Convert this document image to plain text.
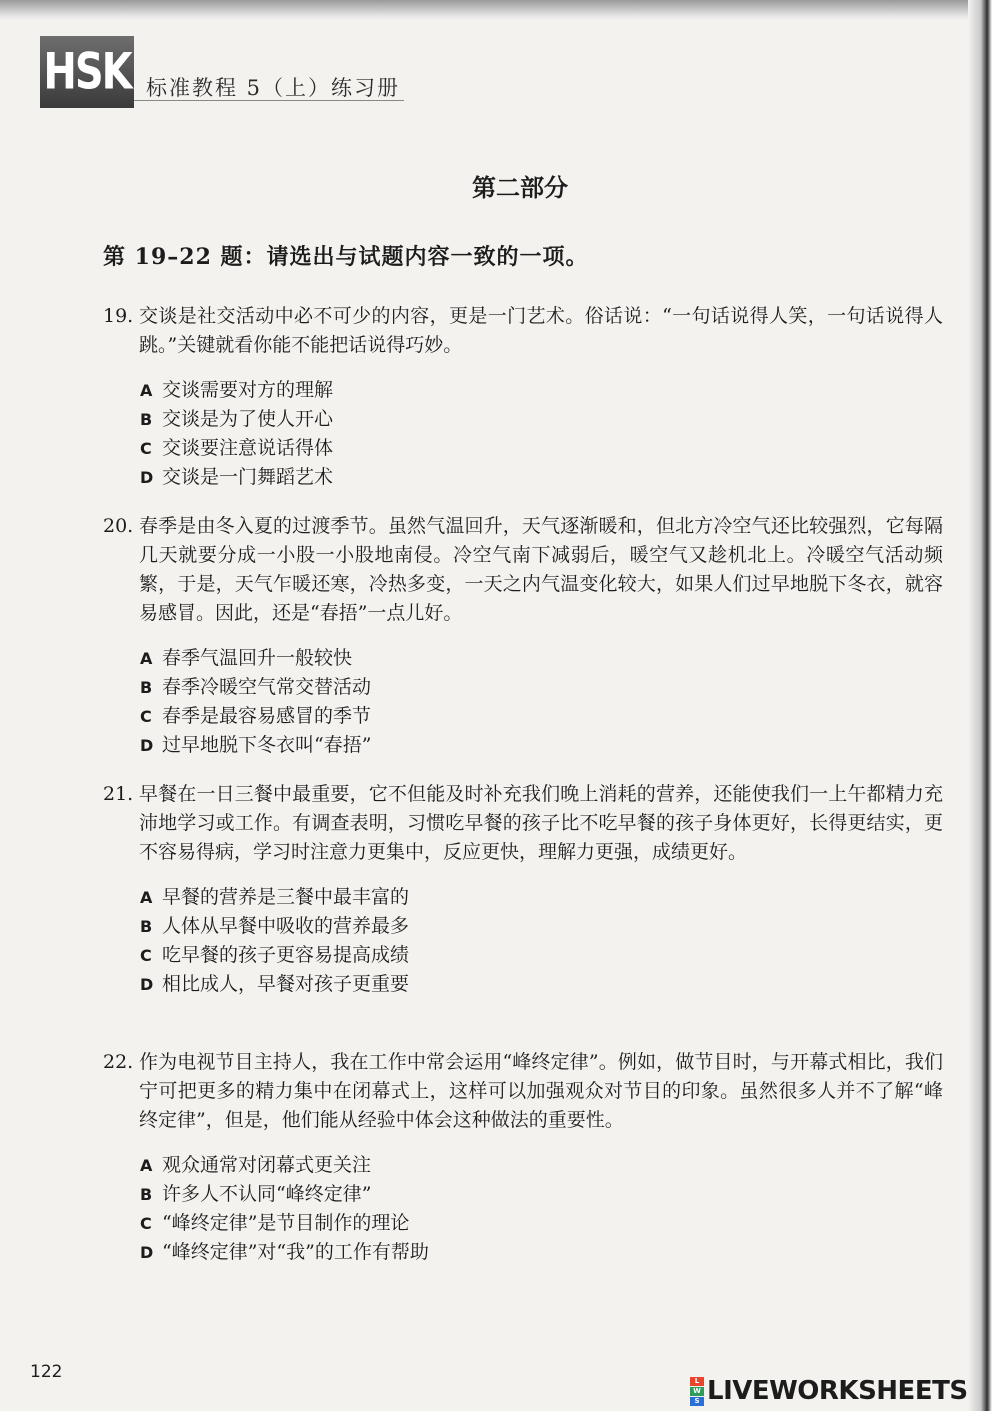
HSK 标准教程 5（上）练习册
第二部分
第 19–22 题：请选出与试题内容一致的一项。
19. 交谈是社交活动中必不可少的内容，更是一门艺术。俗话说：“一句话说得人笑，一句话说得人跳。”关键就看你能不能把话说得巧妙。
A 交谈需要对方的理解
B 交谈是为了使人开心
C 交谈要注意说话得体
D 交谈是一门舞蹈艺术
20. 春季是由冬入夏的过渡季节。虽然气温回升，天气逐渐暖和，但北方冷空气还比较强烈，它每隔几天就要分成一小股一小股地南侵。冷空气南下减弱后，暖空气又趁机北上。冷暖空气活动频繁，于是，天气乍暖还寒，冷热多变，一天之内气温变化较大，如果人们过早地脱下冬衣，就容易感冒。因此，还是“春捂”一点儿好。
A 春季气温回升一般较快
B 春季冷暖空气常交替活动
C 春季是最容易感冒的季节
D 过早地脱下冬衣叫“春捂”
21. 早餐在一日三餐中最重要，它不但能及时补充我们晚上消耗的营养，还能使我们一上午都精力充沛地学习或工作。有调查表明，习惯吃早餐的孩子比不吃早餐的孩子身体更好，长得更结实，更不容易得病，学习时注意力更集中，反应更快，理解力更强，成绩更好。
A 早餐的营养是三餐中最丰富的
B 人体从早餐中吸收的营养最多
C 吃早餐的孩子更容易提高成绩
D 相比成人，早餐对孩子更重要
22. 作为电视节目主持人，我在工作中常会运用“峰终定律”。例如，做节目时，与开幕式相比，我们宁可把更多的精力集中在闭幕式上，这样可以加强观众对节目的印象。虽然很多人并不了解“峰终定律”，但是，他们能从经验中体会这种做法的重要性。
A 观众通常对闭幕式更关注
B 许多人不认同“峰终定律”
C “峰终定律”是节目制作的理论
D “峰终定律”对“我”的工作有帮助
122	L
W
S LIVEWORKSHEETS
